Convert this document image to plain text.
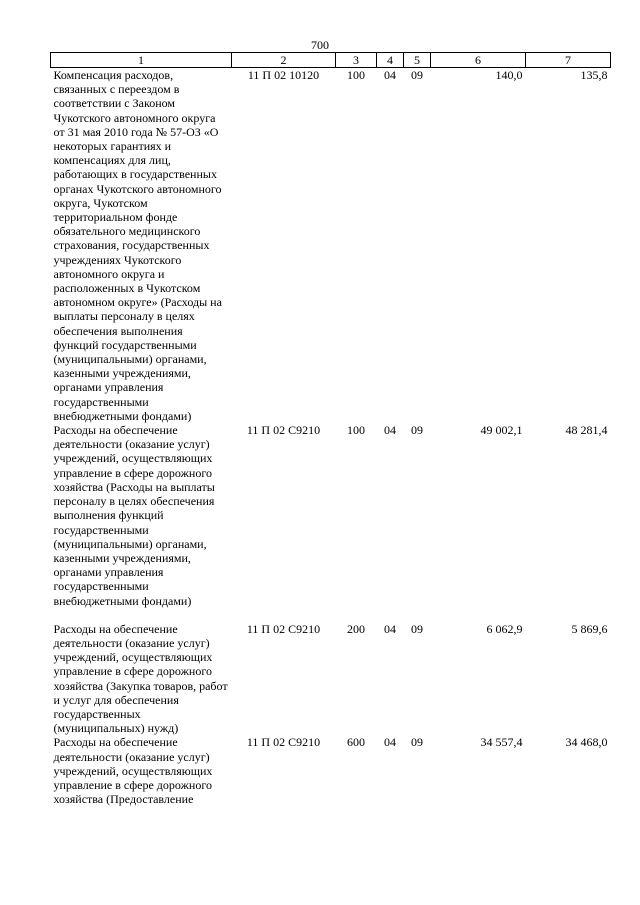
700
1	2	3	4	5	6	7
Компенсация расходов, связанных с переездом в соответствии с Законом Чукотского автономного округа от 31 мая 2010 года № 57-ОЗ «О некоторых гарантиях и компенсациях для лиц, работающих в государственных органах Чукотского автономного округа, Чукотском территориальном фонде обязательного медицинского страхования, государственных учреждениях Чукотского автономного округа и расположенных в Чукотском автономном округе» (Расходы на выплаты персоналу в целях обеспечения выполнения функций государственными (муниципальными) органами, казенными учреждениями, органами управления государственными внебюджетными фондами)	11 П 02 10120	100	04	09	140,0	135,8
Расходы на обеспечение деятельности (оказание услуг) учреждений, осуществляющих управление в сфере дорожного хозяйства (Расходы на выплаты персоналу в целях обеспечения выполнения функций государственными (муниципальными) органами, казенными учреждениями, органами управления государственными внебюджетными фондами)	11 П 02 С9210	100	04	09	49 002,1	48 281,4
Расходы на обеспечение деятельности (оказание услуг) учреждений, осуществляющих управление в сфере дорожного хозяйства (Закупка товаров, работ и услуг для обеспечения государственных (муниципальных) нужд)	11 П 02 С9210	200	04	09	6 062,9	5 869,6
Расходы на обеспечение деятельности (оказание услуг) учреждений, осуществляющих управление в сфере дорожного хозяйства (Предоставление	11 П 02 С9210	600	04	09	34 557,4	34 468,0
